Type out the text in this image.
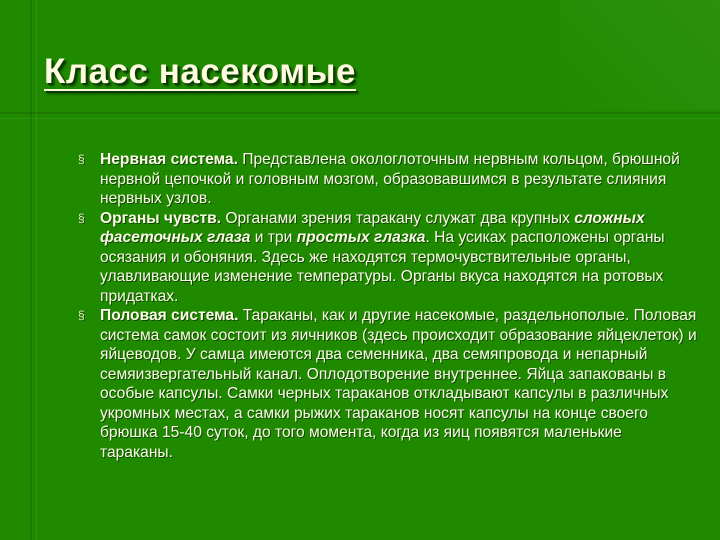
Класс насекомые
§ Нервная система. Представлена окологлоточным нервным кольцом, брюшной нервной цепочкой и головным мозгом, образовавшимся в результате слияния нервных узлов.
§ Органы чувств. Органами зрения таракану служат два крупных сложных фасеточных глаза и три простых глазка. На усиках расположены органы осязания и обоняния. Здесь же находятся термочувствительные органы, улавливающие изменение температуры. Органы вкуса находятся на ротовых придатках.
§ Половая система. Тараканы, как и другие насекомые, раздельнополые. Половая система самок состоит из яичников (здесь происходит образование яйцеклеток) и яйцеводов. У самца имеются два семенника, два семяпровода и непарный семяизвергательный канал. Оплодотворение внутреннее. Яйца запакованы в особые капсулы. Самки черных тараканов откладывают капсулы в различных укромных местах, а самки рыжих тараканов носят капсулы на конце своего брюшка 15-40 суток, до того момента, когда из яиц появятся маленькие тараканы.
